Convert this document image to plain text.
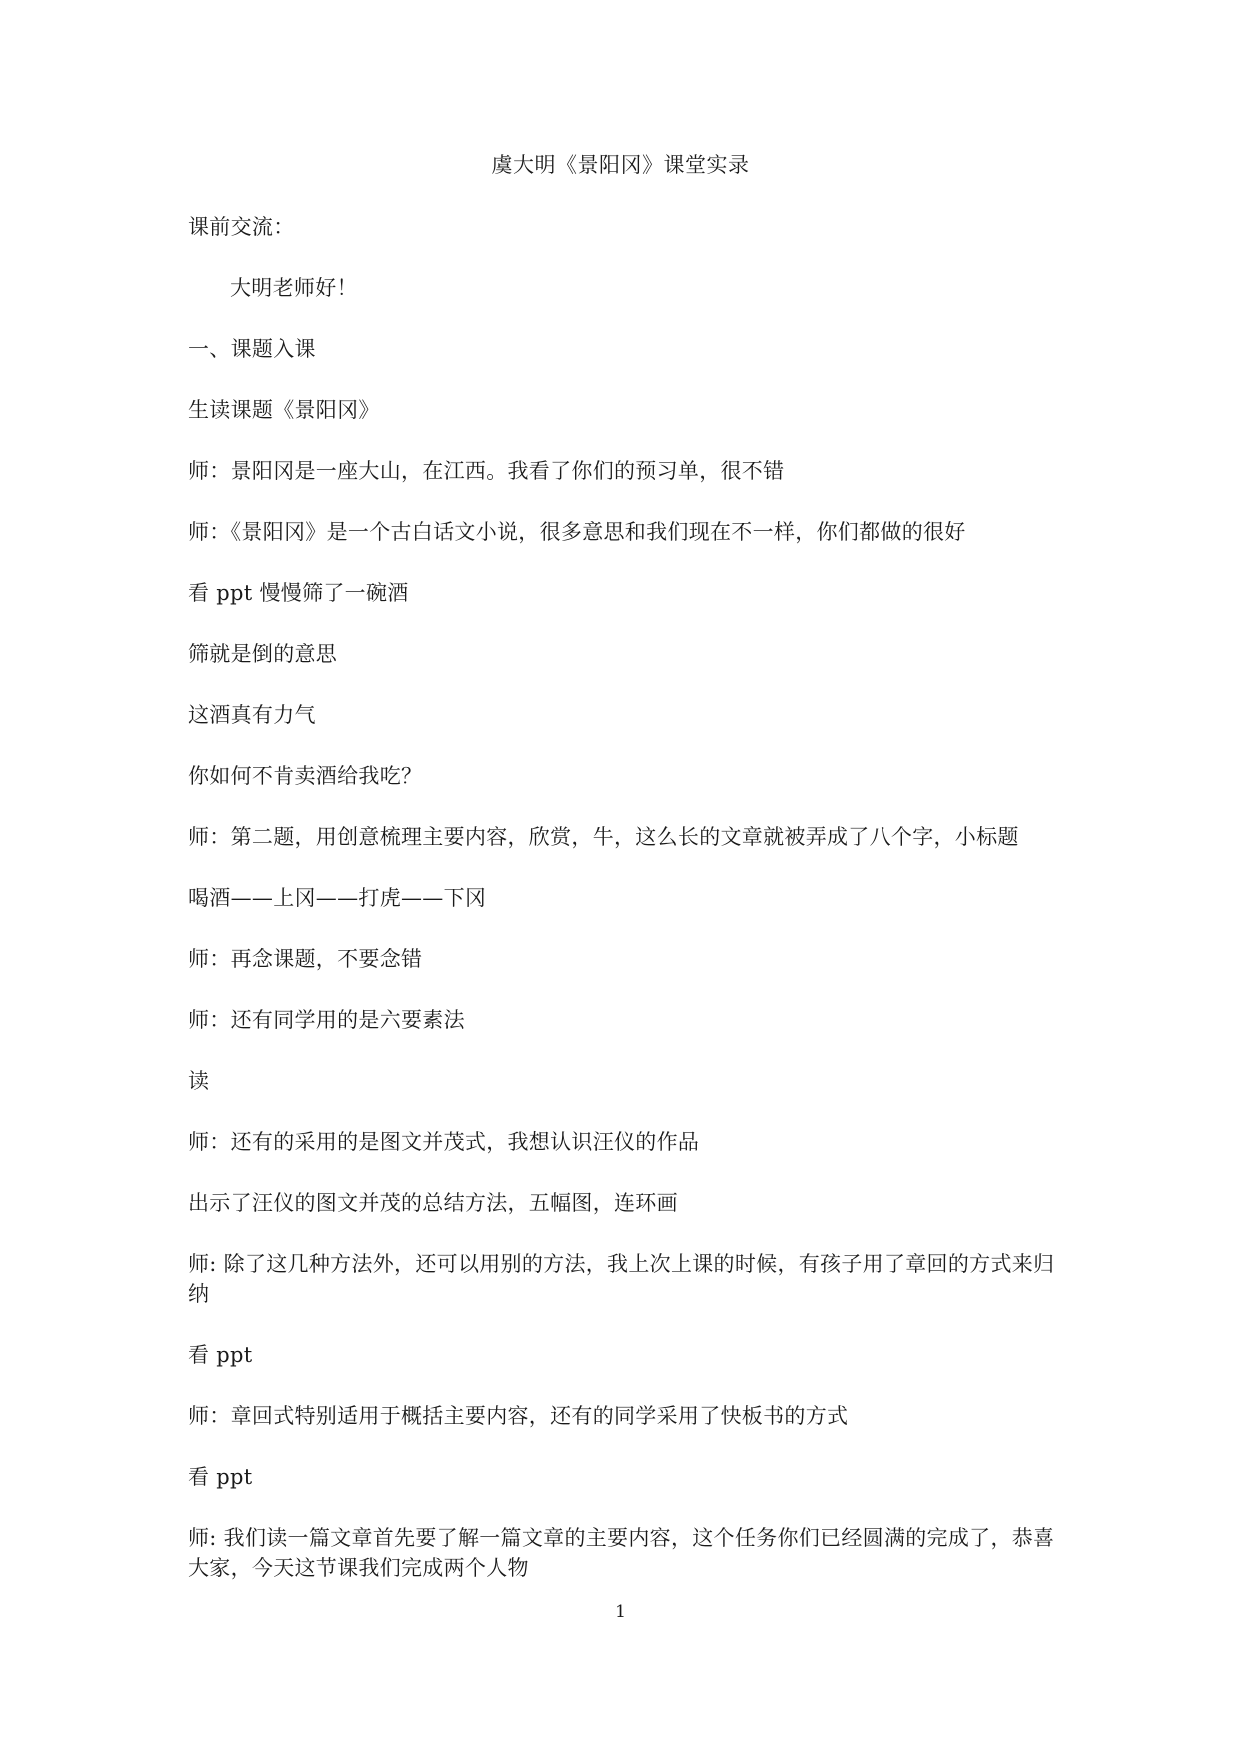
虞大明《景阳冈》课堂实录

课前交流：

大明老师好！

一、课题入课

生读课题《景阳冈》

师：景阳冈是一座大山，在江西。我看了你们的预习单，很不错

师：《景阳冈》是一个古白话文小说，很多意思和我们现在不一样，你们都做的很好

看 ppt 慢慢筛了一碗酒

筛就是倒的意思

这酒真有力气

你如何不肯卖酒给我吃？

师：第二题，用创意梳理主要内容，欣赏，牛，这么长的文章就被弄成了八个字，小标题

喝酒——上冈——打虎——下冈

师：再念课题，不要念错

师：还有同学用的是六要素法

读

师：还有的采用的是图文并茂式，我想认识汪仪的作品

出示了汪仪的图文并茂的总结方法，五幅图，连环画

师: 除了这几种方法外，还可以用别的方法，我上次上课的时候，有孩子用了章回的方式来归纳

看 ppt

师：章回式特别适用于概括主要内容，还有的同学采用了快板书的方式

看 ppt

师: 我们读一篇文章首先要了解一篇文章的主要内容，这个任务你们已经圆满的完成了，恭喜大家，今天这节课我们完成两个人物

1
